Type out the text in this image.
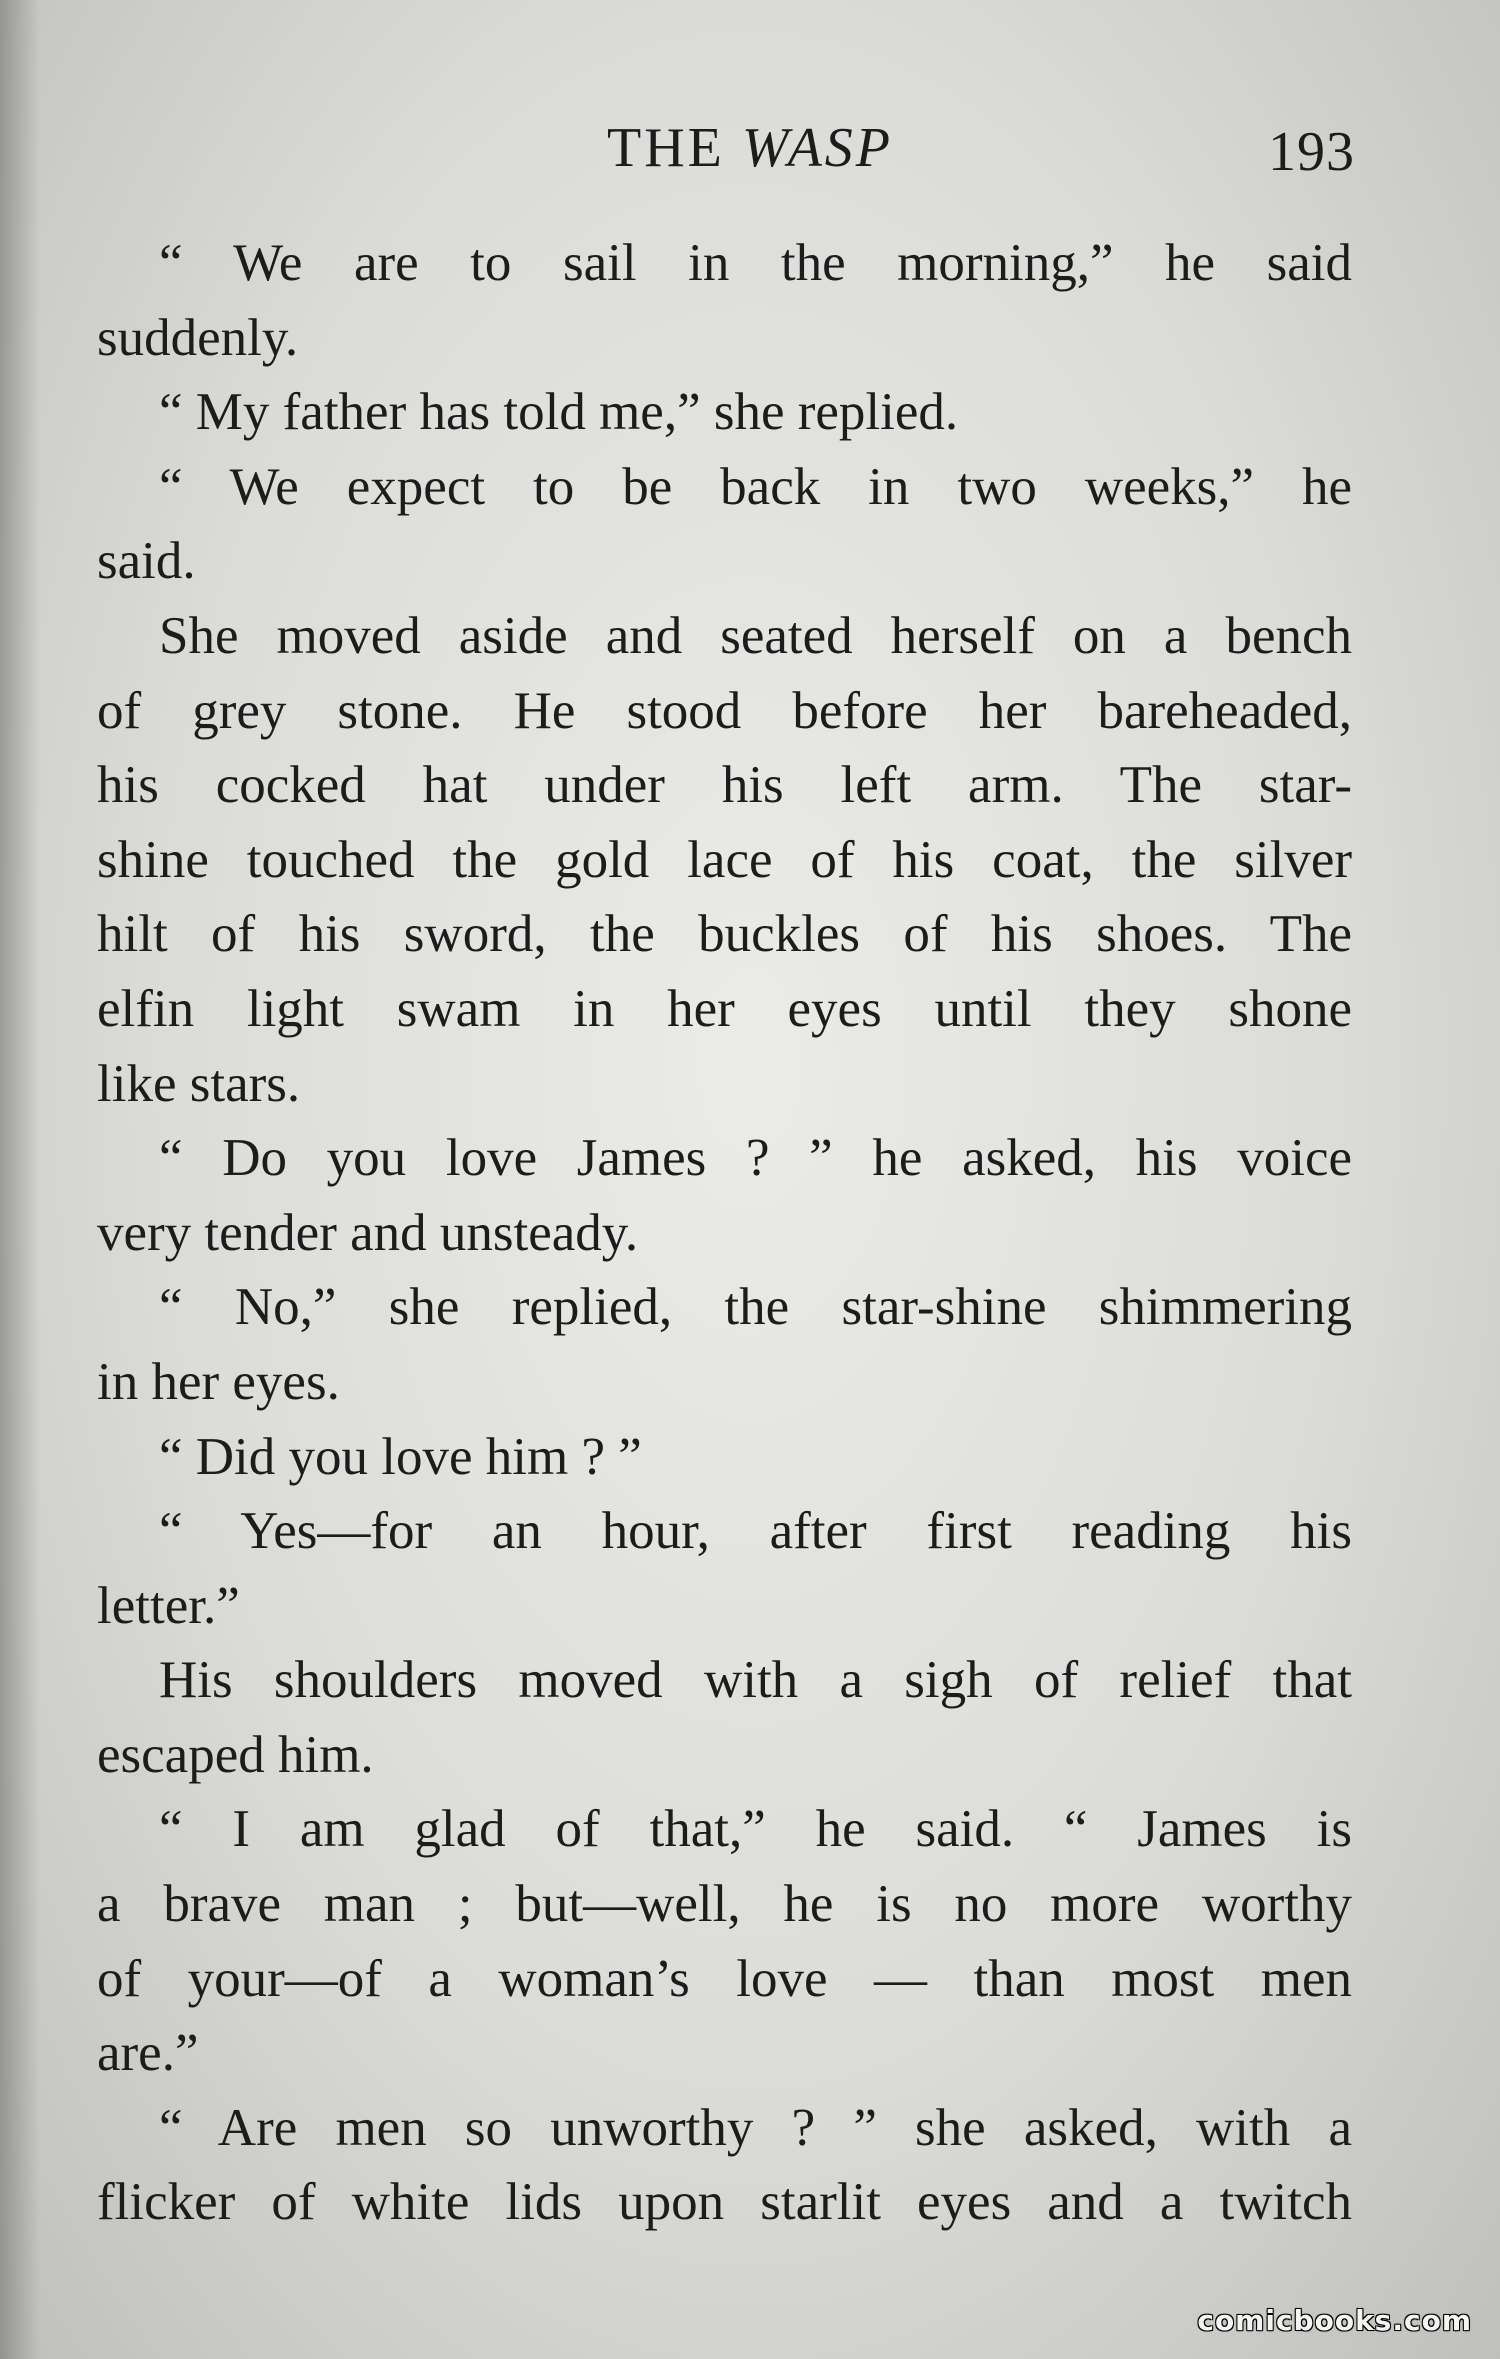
THE WASP	193
“ We are to sail in the morning,” he said
suddenly.
“ My father has told me,” she replied.
“ We expect to be back in two weeks,” he
said.
She moved aside and seated herself on a bench
of grey stone. He stood before her bareheaded,
his cocked hat under his left arm. The star-
shine touched the gold lace of his coat, the silver
hilt of his sword, the buckles of his shoes. The
elfin light swam in her eyes until they shone
like stars.
“ Do you love James ? ” he asked, his voice
very tender and unsteady.
“ No,” she replied, the star-shine shimmering
in her eyes.
“ Did you love him ? ”
“ Yes—for an hour, after first reading his
letter.”
His shoulders moved with a sigh of relief that
escaped him.
“ I am glad of that,” he said. “ James is
a brave man ; but—well, he is no more worthy
of your—of a woman’s love — than most men
are.”
“ Are men so unworthy ? ” she asked, with a
flicker of white lids upon starlit eyes and a twitch
comicbooks.com
